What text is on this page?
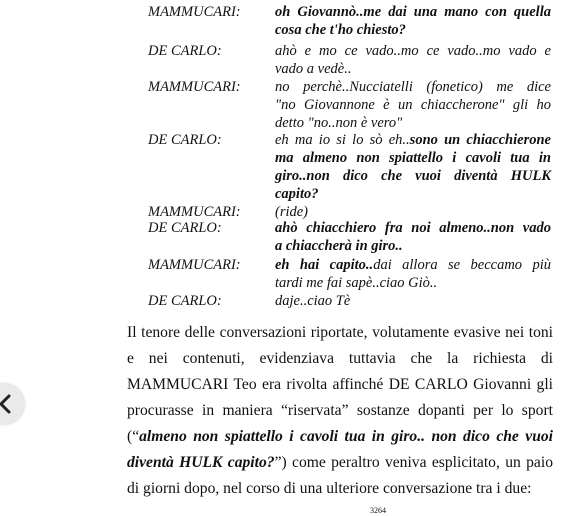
MAMMUCARI: oh Giovannò..me dai una mano con quella
cosa che t'ho chiesto?
DE CARLO:	ahò e mo ce vado..mo ce vado..mo vado e
vado a vedè..
MAMMUCARI: no perchè..Nucciatelli (fonetico) me dice
"no Giovannone è un chiaccherone" gli ho
detto "no..non è vero"
DE CARLO:	eh ma io si lo sò eh..sono un chiacchierone
ma almeno non spiattello i cavoli tua in
giro..non dico che vuoi diventà HULK
capito?
MAMMUCARI: (ride)
DE CARLO:	ahò chiacchiero fra noi almeno..non vado
a chiaccherà in giro..
MAMMUCARI: eh hai capito..dai allora se beccamo più
tardi me fai sapè..ciao Giò..
DE CARLO:	daje..ciao Tè
Il tenore delle conversazioni riportate, volutamente evasive nei toni
e nei contenuti, evidenziava tuttavia che la richiesta di
MAMMUCARI Teo era rivolta affinché DE CARLO Giovanni gli
procurasse in maniera “riservata” sostanze dopanti per lo sport
(“almeno non spiattello i cavoli tua in giro.. non dico che vuoi
diventà HULK capito?”) come peraltro veniva esplicitato, un paio
di giorni dopo, nel corso di una ulteriore conversazione tra i due:
3264
